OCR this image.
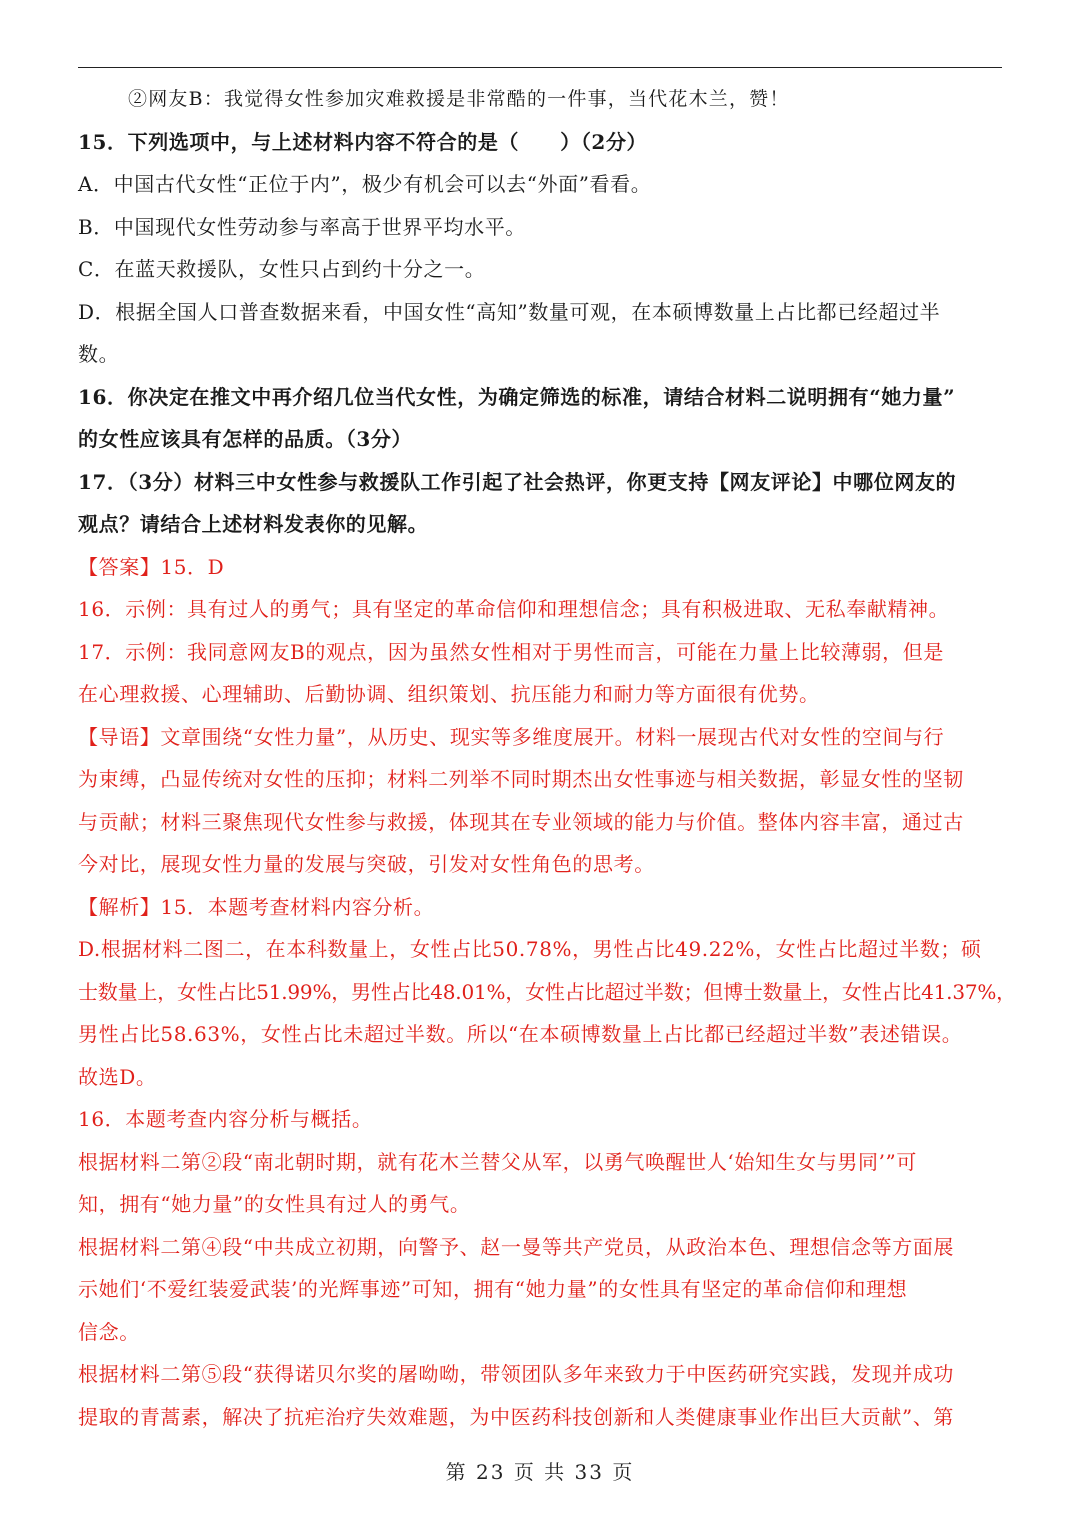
②网友B：我觉得女性参加灾难救援是非常酷的一件事，当代花木兰，赞！
15．下列选项中，与上述材料内容不符合的是（　　）（2分）
A．中国古代女性“正位于内”，极少有机会可以去“外面”看看。
B．中国现代女性劳动参与率高于世界平均水平。
C．在蓝天救援队，女性只占到约十分之一。
D．根据全国人口普查数据来看，中国女性“高知”数量可观，在本硕博数量上占比都已经超过半
数。
16．你决定在推文中再介绍几位当代女性，为确定筛选的标准，请结合材料二说明拥有“她力量”
的女性应该具有怎样的品质。（3分）
17．（3分）材料三中女性参与救援队工作引起了社会热评，你更支持【网友评论】中哪位网友的
观点？请结合上述材料发表你的见解。
【答案】15．D
16．示例：具有过人的勇气；具有坚定的革命信仰和理想信念；具有积极进取、无私奉献精神。
17．示例：我同意网友B的观点，因为虽然女性相对于男性而言，可能在力量上比较薄弱，但是
在心理救援、心理辅助、后勤协调、组织策划、抗压能力和耐力等方面很有优势。
【导语】文章围绕“女性力量”，从历史、现实等多维度展开。材料一展现古代对女性的空间与行
为束缚，凸显传统对女性的压抑；材料二列举不同时期杰出女性事迹与相关数据，彰显女性的坚韧
与贡献；材料三聚焦现代女性参与救援，体现其在专业领域的能力与价值。整体内容丰富，通过古
今对比，展现女性力量的发展与突破，引发对女性角色的思考。
【解析】15．本题考查材料内容分析。
D.根据材料二图二，在本科数量上，女性占比50.78%，男性占比49.22%，女性占比超过半数；硕
士数量上，女性占比51.99%，男性占比48.01%，女性占比超过半数；但博士数量上，女性占比41.37%，
男性占比58.63%，女性占比未超过半数。所以“在本硕博数量上占比都已经超过半数”表述错误。
故选D。
16．本题考查内容分析与概括。
根据材料二第②段“南北朝时期，就有花木兰替父从军，以勇气唤醒世人‘始知生女与男同’”可
知，拥有“她力量”的女性具有过人的勇气。
根据材料二第④段“中共成立初期，向警予、赵一曼等共产党员，从政治本色、理想信念等方面展
示她们‘不爱红装爱武装’的光辉事迹”可知，拥有“她力量”的女性具有坚定的革命信仰和理想
信念。
根据材料二第⑤段“获得诺贝尔奖的屠呦呦，带领团队多年来致力于中医药研究实践，发现并成功
提取的青蒿素，解决了抗疟治疗失效难题，为中医药科技创新和人类健康事业作出巨大贡献”、第
第 23 页 共 33 页
